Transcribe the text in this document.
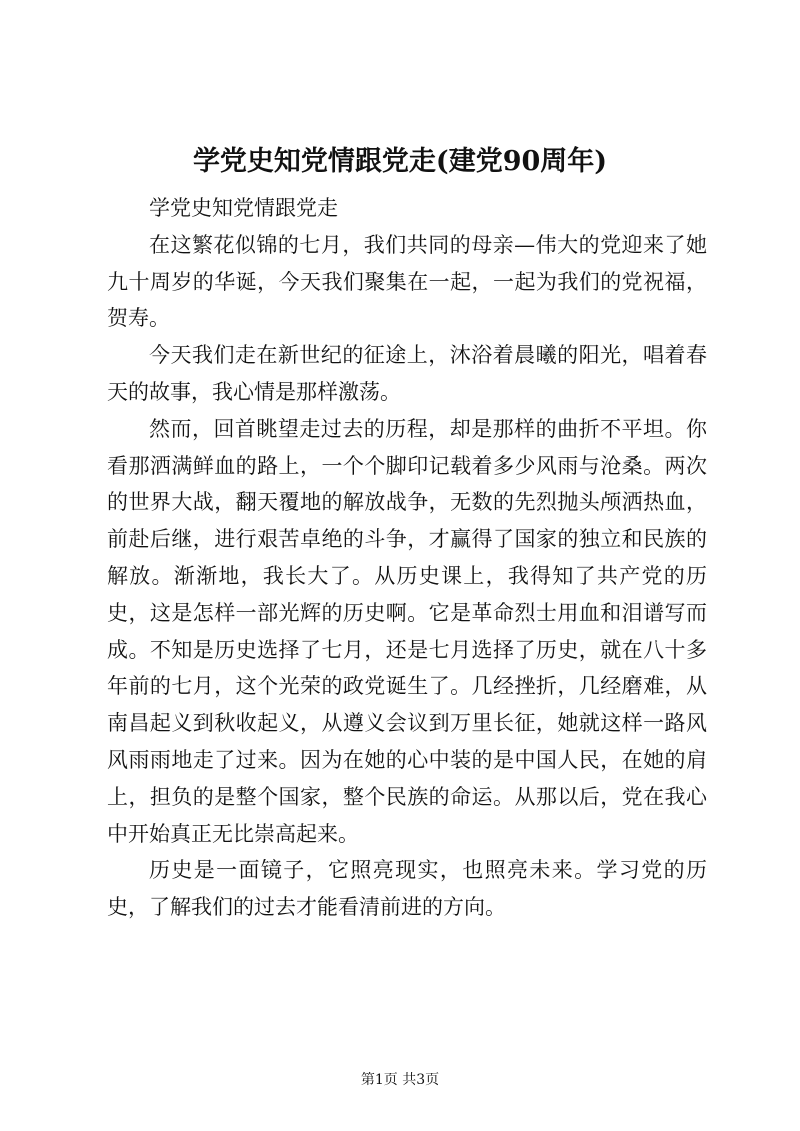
学党史知党情跟党走(建党90周年)

学党史知党情跟党走

在这繁花似锦的七月，我们共同的母亲—伟大的党迎来了她九十周岁的华诞，今天我们聚集在一起，一起为我们的党祝福，贺寿。

今天我们走在新世纪的征途上，沐浴着晨曦的阳光，唱着春天的故事，我心情是那样激荡。

然而，回首眺望走过去的历程，却是那样的曲折不平坦。你看那洒满鲜血的路上，一个个脚印记载着多少风雨与沧桑。两次的世界大战，翻天覆地的解放战争，无数的先烈抛头颅洒热血，前赴后继，进行艰苦卓绝的斗争，才赢得了国家的独立和民族的解放。渐渐地，我长大了。从历史课上，我得知了共产党的历史，这是怎样一部光辉的历史啊。它是革命烈士用血和泪谱写而成。不知是历史选择了七月，还是七月选择了历史，就在八十多年前的七月，这个光荣的政党诞生了。几经挫折，几经磨难，从南昌起义到秋收起义，从遵义会议到万里长征，她就这样一路风风雨雨地走了过来。因为在她的心中装的是中国人民，在她的肩上，担负的是整个国家，整个民族的命运。从那以后，党在我心中开始真正无比崇高起来。

历史是一面镜子，它照亮现实，也照亮未来。学习党的历史，了解我们的过去才能看清前进的方向。

第1页 共3页
